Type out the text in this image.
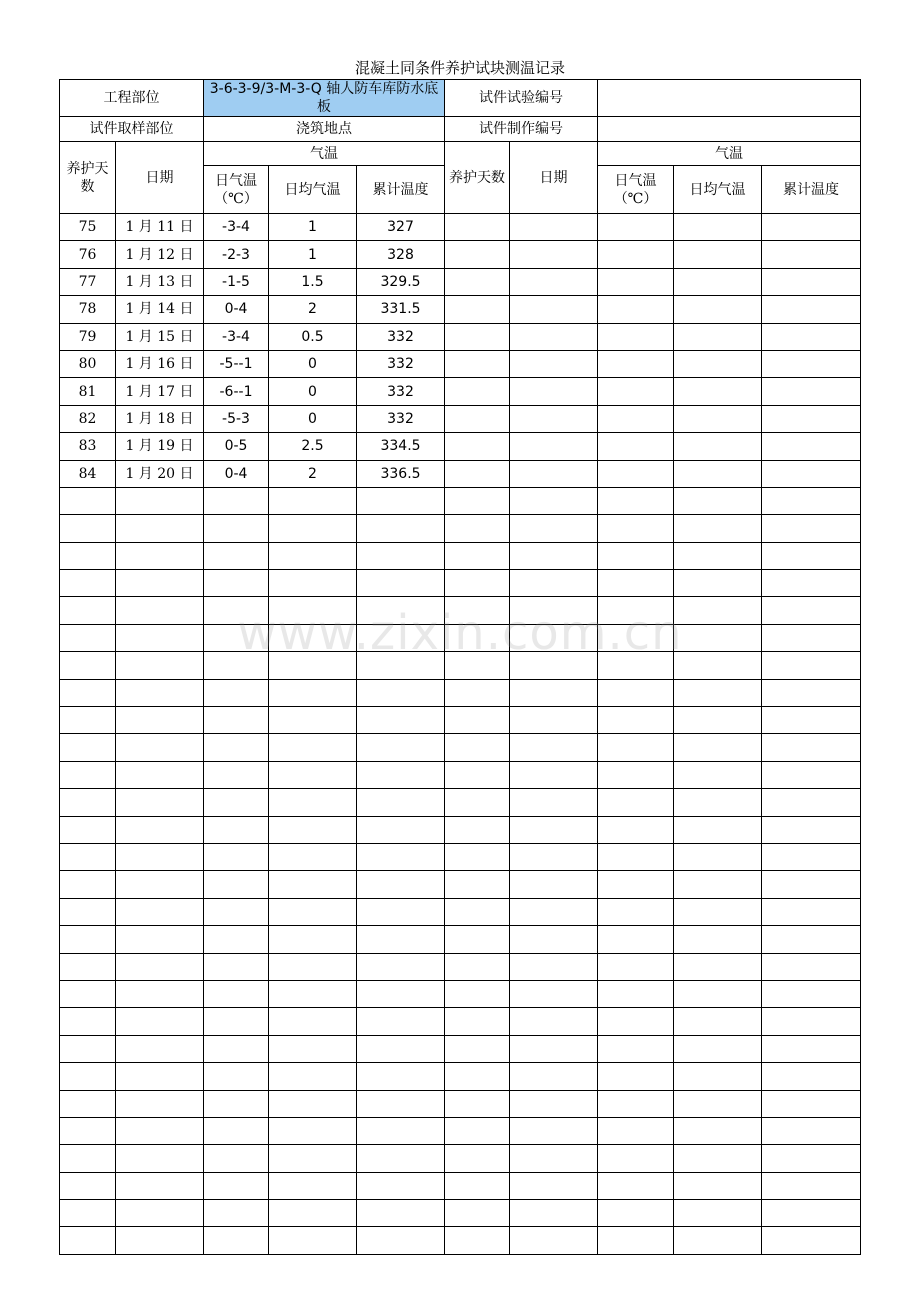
混凝土同条件养护试块测温记录
工程部位		3-6-3-9/3-M-3-Q 轴人防车库防水底板			试件试验编号				
试件取样部位		浇筑地点			试件制作编号				
养护天数	日期	气温			养护天数	日期	气温		
		日气温（℃）	日均气温	累计温度			日气温（℃）	日均气温	累计温度
75	1 月 11 日	-3-4	1	327					
76	1 月 12 日	-2-3	1	328					
77	1 月 13 日	-1-5	1.5	329.5					
78	1 月 14 日	0-4	2	331.5					
79	1 月 15 日	-3-4	0.5	332					
80	1 月 16 日	-5--1	0	332					
81	1 月 17 日	-6--1	0	332					
82	1 月 18 日	-5-3	0	332					
83	1 月 19 日	0-5	2.5	334.5					
84	1 月 20 日	0-4	2	336.5					

www.zixin.com.cn
